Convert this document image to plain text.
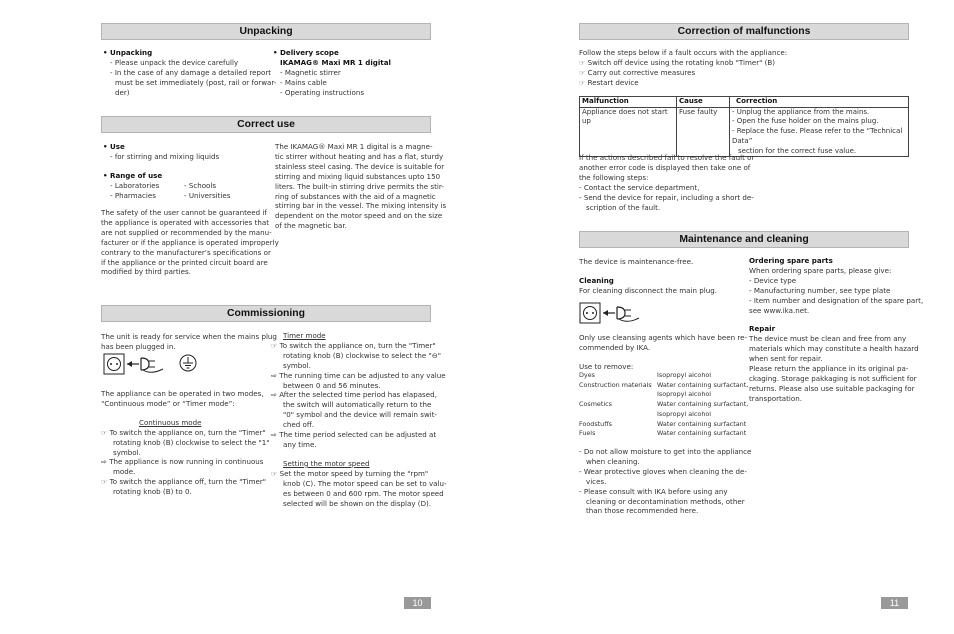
Unpacking
• Unpacking
- Please unpack the device carefully
- In the case of any damage a detailed report
must be set immediately (post, rail or forwar-
der)
• Delivery scope
IKAMAG® Maxi MR 1 digital
- Magnetic stirrer
- Mains cable
- Operating instructions
Correct use
• Use
- for stirring and mixing liquids
• Range of use
- Laboratories	- Schools
- Pharmacies	- Universities
The safety of the user cannot be guaranteed if
the appliance is operated with accessories that
are not supplied or recommended by the manu-
facturer or if the appliance is operated improperly
contrary to the manufacturer’s specifications or
if the appliance or the printed circuit board are
modified by third parties.
The IKAMAG® Maxi MR 1 digital is a magne-
tic stirrer without heating and has a flat, sturdy
stainless steel casing. The device is suitable for
stirring and mixing liquid substances upto 150
liters. The built-in stirring drive permits the stir-
ring of substances with the aid of a magnetic
stirring bar in the vessel. The mixing intensity is
dependent on the motor speed and on the size
of the magnetic bar.
Commissioning
The unit is ready for service when the mains plug
has been plugged in.
The appliance can be operated in two modes,
“Continuous mode” or “Timer mode”:
Continuous mode
☞ To switch the appliance on, turn the "Timer"
rotating knob (B) clockwise to select the "1"
symbol.
⇨ The appliance is now running in continuous
mode.
☞ To switch the appliance off, turn the "Timer"
rotating knob (B) to 0.
Timer mode
☞ To switch the appliance on, turn the "Timer"
rotating knob (B) clockwise to select the "⊖"
symbol.
⇨ The running time can be adjusted to any value
between 0 and 56 minutes.
⇨ After the selected time period has elapased,
the switch will automatically return to the
"0" symbol and the device will remain swit-
ched off.
⇨ The time period selected can be adjusted at
any time.
Setting the motor speed
☞ Set the motor speed by turning the "rpm"
knob (C). The motor speed can be set to valu-
es between 0 and 600 rpm. The motor speed
selected will be shown on the display (D).
10
Correction of malfunctions
Follow the steps below if a fault occurs with the appliance:
☞ Switch off device using the rotating knob "Timer" (B)
☞ Carry out corrective measures
☞ Restart device
Malfunction	Cause	Correction
Appliance does not start up	Fuse faulty	- Unplug the appliance from the mains.
- Open the fuse holder on the mains plug.
- Replace the fuse. Please refer to the “Technical Data”
section for the correct fuse value.
If the actions described fail to resolve the fault or
another error code is displayed then take one of
the following steps:
- Contact the service department,
- Send the device for repair, including a short de-
scription of the fault.
Maintenance and cleaning
The device is maintenance-free.
Cleaning
For cleaning disconnect the main plug.
Only use cleansing agents which have been re-
commended by IKA.
Use to remove:
Dyes	Isopropyl alcohol
Construction materials	Water containing surfactant,
	Isopropyl alcohol
Cosmetics	Water containing surfactant,
	Isopropyl alcohol
Foodstuffs	Water containing surfactant
Fuels	Water containing surfactant
- Do not allow moisture to get into the appliance
when cleaning.
- Wear protective gloves when cleaning the de-
vices.
- Please consult with IKA before using any
cleaning or decontamination methods, other
than those recommended here.
Ordering spare parts
When ordering spare parts, please give:
- Device type
- Manufacturing number, see type plate
- Item number and designation of the spare part,
see www.ika.net.
Repair
The device must be clean and free from any
materials which may constitute a health hazard
when sent for repair.
Please return the appliance in its original pa-
ckaging. Storage pakkaging is not sufficient for
returns. Please also use suitable packaging for
transportation.
11
